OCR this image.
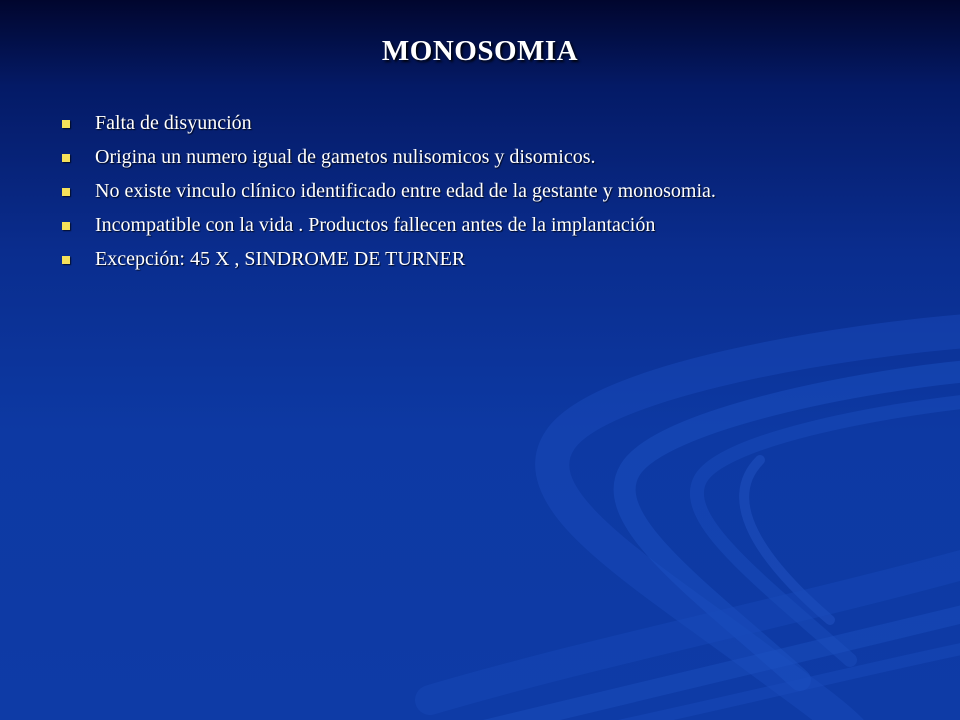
MONOSOMIA
Falta de disyunción
Origina un numero igual de gametos nulisomicos y disomicos.
No existe vinculo clínico identificado entre edad de la gestante y monosomia.
Incompatible con la vida . Productos fallecen antes de la implantación
Excepción: 45 X , SINDROME DE TURNER
